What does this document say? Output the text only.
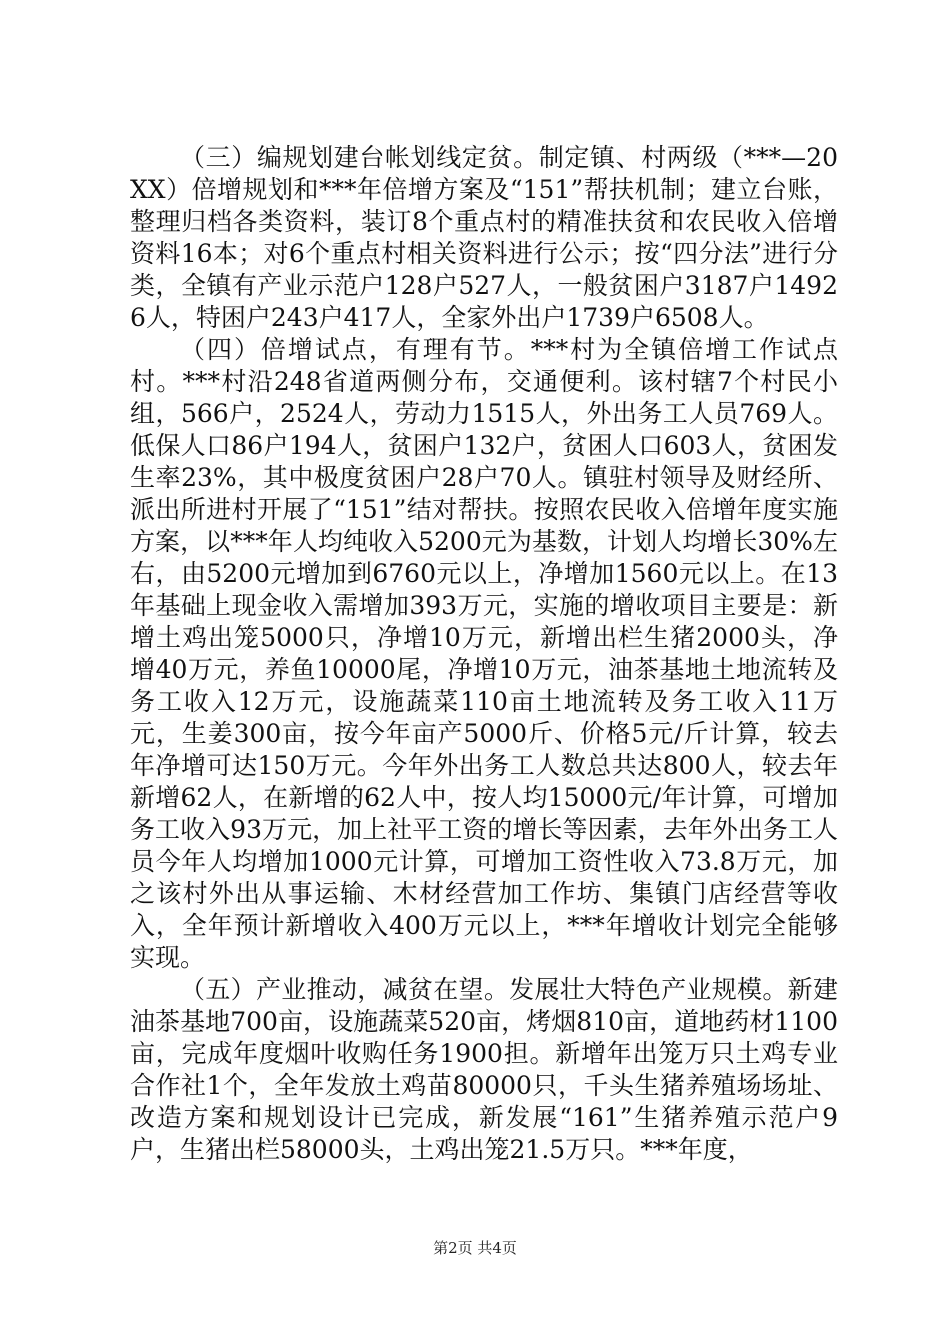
（三）编规划建台帐划线定贫。制定镇、村两级（***—20XX）倍增规划和***年倍增方案及“151”帮扶机制；建立台账，整理归档各类资料，装订8个重点村的精准扶贫和农民收入倍增资料16本；对6个重点村相关资料进行公示；按“四分法”进行分类，全镇有产业示范户128户527人，一般贫困户3187户14926人，特困户243户417人，全家外出户1739户6508人。

（四）倍增试点，有理有节。***村为全镇倍增工作试点村。***村沿248省道两侧分布，交通便利。该村辖7个村民小组，566户，2524人，劳动力1515人，外出务工人员769人。低保人口86户194人，贫困户132户，贫困人口603人，贫困发生率23%，其中极度贫困户28户70人。镇驻村领导及财经所、派出所进村开展了“151”结对帮扶。按照农民收入倍增年度实施方案，以***年人均纯收入5200元为基数，计划人均增长30%左右，由5200元增加到6760元以上，净增加1560元以上。在13年基础上现金收入需增加393万元，实施的增收项目主要是：新增土鸡出笼5000只，净增10万元，新增出栏生猪2000头，净增40万元，养鱼10000尾，净增10万元，油茶基地土地流转及务工收入12万元，设施蔬菜110亩土地流转及务工收入11万元，生姜300亩，按今年亩产5000斤、价格5元/斤计算，较去年净增可达150万元。今年外出务工人数总共达800人，较去年新增62人，在新增的62人中，按人均15000元/年计算，可增加务工收入93万元，加上社平工资的增长等因素，去年外出务工人员今年人均增加1000元计算，可增加工资性收入73.8万元，加之该村外出从事运输、木材经营加工作坊、集镇门店经营等收入，全年预计新增收入400万元以上，***年增收计划完全能够实现。

（五）产业推动，减贫在望。发展壮大特色产业规模。新建油茶基地700亩，设施蔬菜520亩，烤烟810亩，道地药材1100亩，完成年度烟叶收购任务1900担。新增年出笼万只土鸡专业合作社1个，全年发放土鸡苗80000只，千头生猪养殖场场址、改造方案和规划设计已完成，新发展“161”生猪养殖示范户9户，生猪出栏58000头，土鸡出笼21.5万只。***年度，

第2页 共4页
